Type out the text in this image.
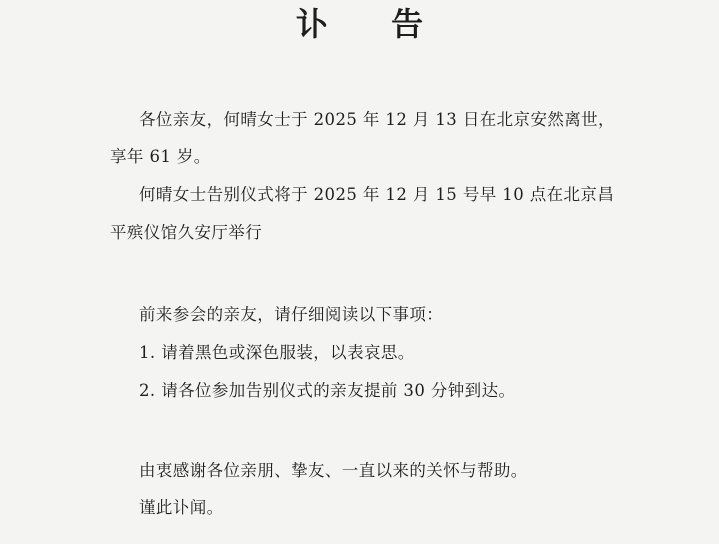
讣 告
各位亲友，何晴女士于 2025 年 12 月 13 日在北京安然离世，
享年 61 岁。
何晴女士告别仪式将于 2025 年 12 月 15 号早 10 点在北京昌
平殡仪馆久安厅举行
前来参会的亲友，请仔细阅读以下事项：
1. 请着黑色或深色服装，以表哀思。
2. 请各位参加告别仪式的亲友提前 30 分钟到达。
由衷感谢各位亲朋、挚友、一直以来的关怀与帮助。
谨此讣闻。
